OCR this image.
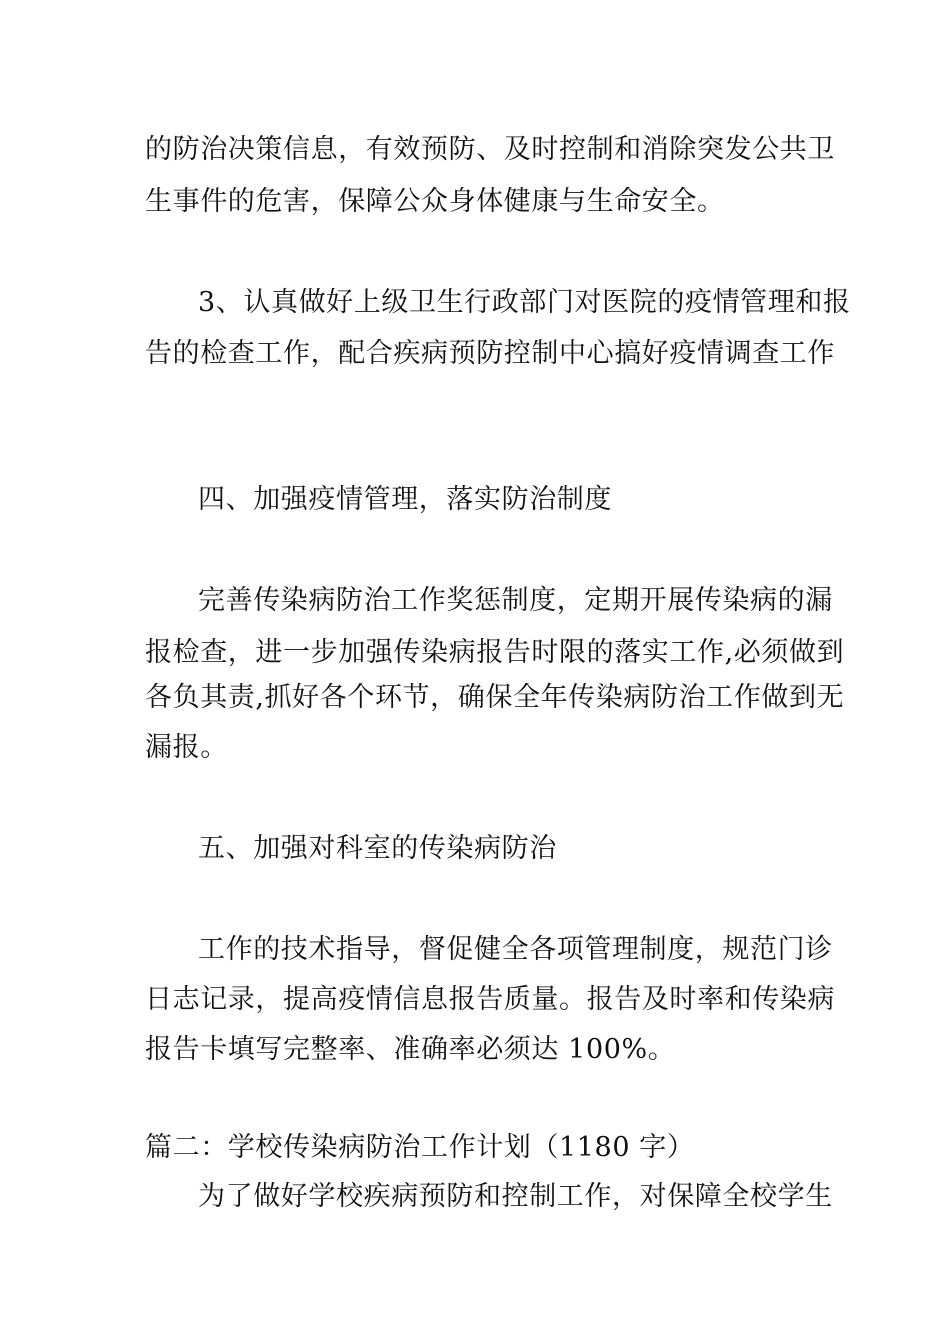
的防治决策信息，有效预防、及时控制和消除突发公共卫
生事件的危害，保障公众身体健康与生命安全。
3、认真做好上级卫生行政部门对医院的疫情管理和报
告的检查工作，配合疾病预防控制中心搞好疫情调查工作
四、加强疫情管理，落实防治制度
完善传染病防治工作奖惩制度，定期开展传染病的漏
报检查，进一步加强传染病报告时限的落实工作,必须做到
各负其责,抓好各个环节，确保全年传染病防治工作做到无
漏报。
五、加强对科室的传染病防治
工作的技术指导，督促健全各项管理制度，规范门诊
日志记录，提高疫情信息报告质量。报告及时率和传染病
报告卡填写完整率、准确率必须达 100%。
篇二：学校传染病防治工作计划（1180 字）
为了做好学校疾病预防和控制工作，对保障全校学生
